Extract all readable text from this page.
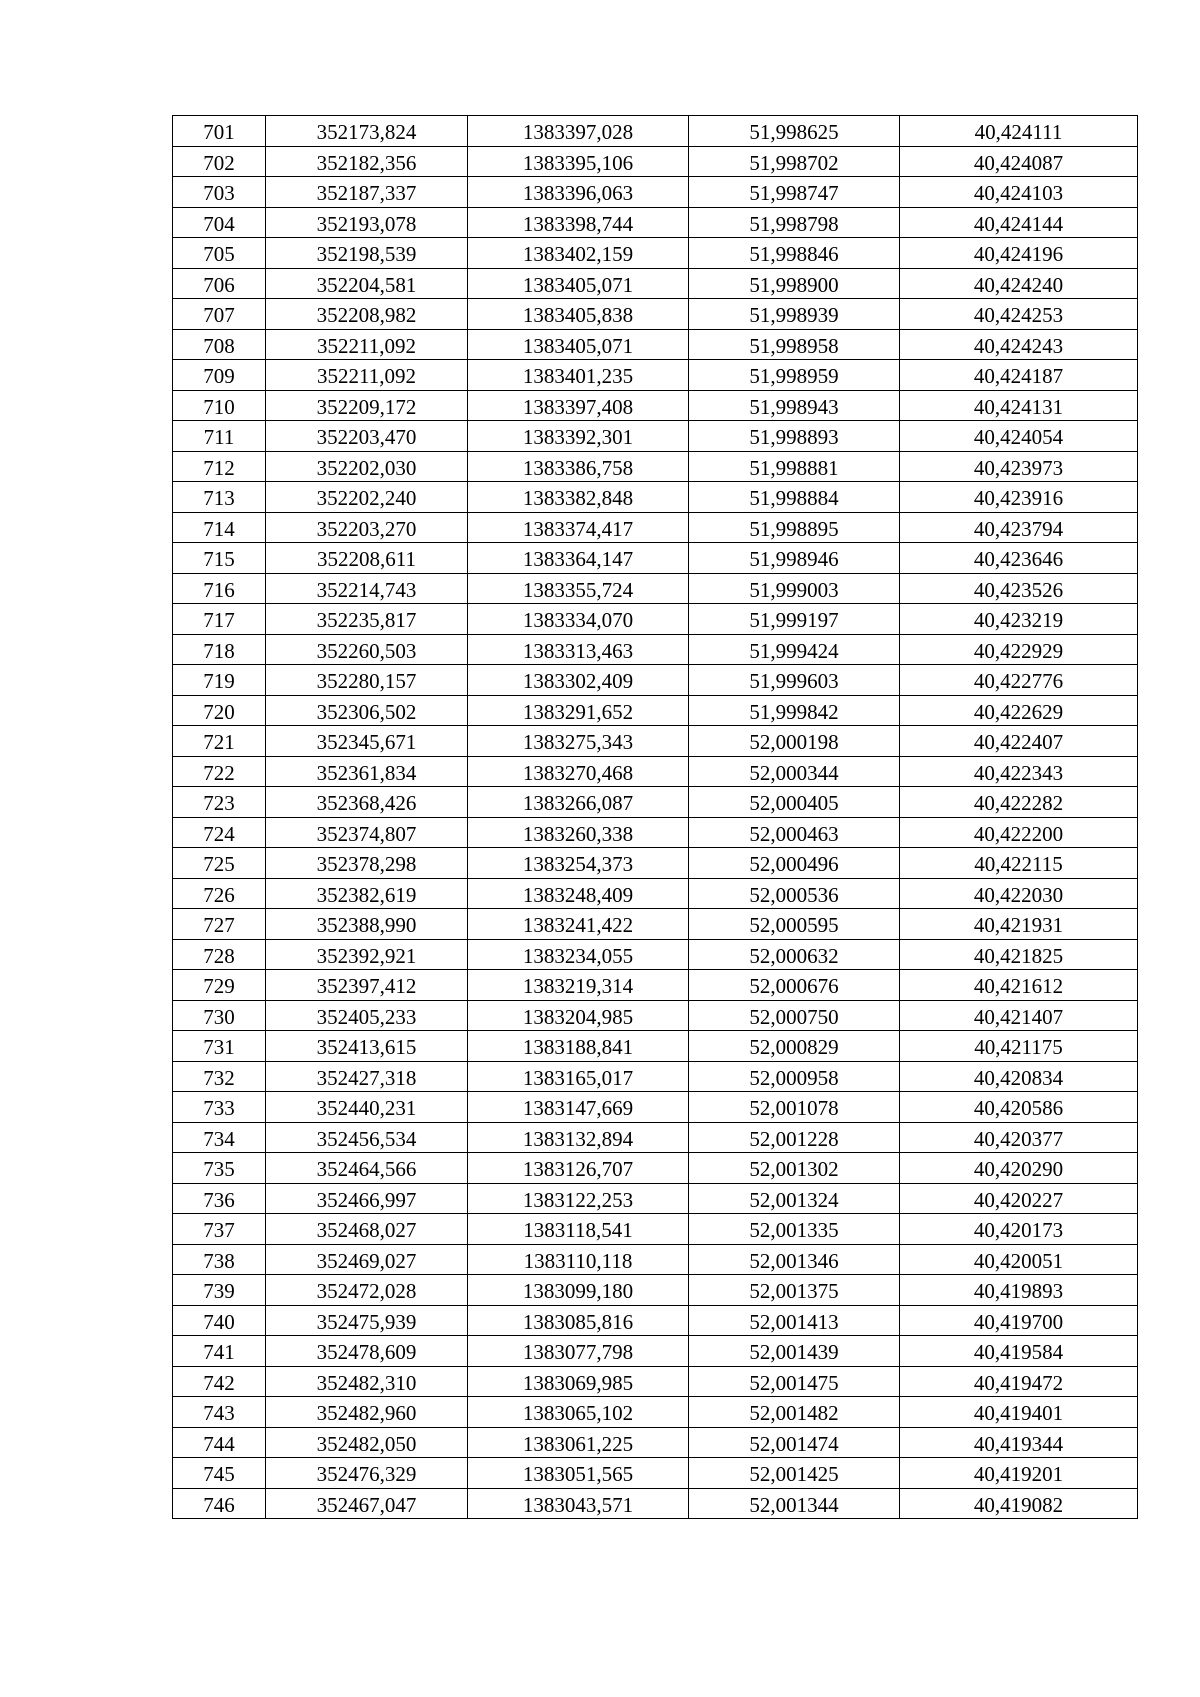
701	352173,824	1383397,028	51,998625	40,424111
702	352182,356	1383395,106	51,998702	40,424087
703	352187,337	1383396,063	51,998747	40,424103
704	352193,078	1383398,744	51,998798	40,424144
705	352198,539	1383402,159	51,998846	40,424196
706	352204,581	1383405,071	51,998900	40,424240
707	352208,982	1383405,838	51,998939	40,424253
708	352211,092	1383405,071	51,998958	40,424243
709	352211,092	1383401,235	51,998959	40,424187
710	352209,172	1383397,408	51,998943	40,424131
711	352203,470	1383392,301	51,998893	40,424054
712	352202,030	1383386,758	51,998881	40,423973
713	352202,240	1383382,848	51,998884	40,423916
714	352203,270	1383374,417	51,998895	40,423794
715	352208,611	1383364,147	51,998946	40,423646
716	352214,743	1383355,724	51,999003	40,423526
717	352235,817	1383334,070	51,999197	40,423219
718	352260,503	1383313,463	51,999424	40,422929
719	352280,157	1383302,409	51,999603	40,422776
720	352306,502	1383291,652	51,999842	40,422629
721	352345,671	1383275,343	52,000198	40,422407
722	352361,834	1383270,468	52,000344	40,422343
723	352368,426	1383266,087	52,000405	40,422282
724	352374,807	1383260,338	52,000463	40,422200
725	352378,298	1383254,373	52,000496	40,422115
726	352382,619	1383248,409	52,000536	40,422030
727	352388,990	1383241,422	52,000595	40,421931
728	352392,921	1383234,055	52,000632	40,421825
729	352397,412	1383219,314	52,000676	40,421612
730	352405,233	1383204,985	52,000750	40,421407
731	352413,615	1383188,841	52,000829	40,421175
732	352427,318	1383165,017	52,000958	40,420834
733	352440,231	1383147,669	52,001078	40,420586
734	352456,534	1383132,894	52,001228	40,420377
735	352464,566	1383126,707	52,001302	40,420290
736	352466,997	1383122,253	52,001324	40,420227
737	352468,027	1383118,541	52,001335	40,420173
738	352469,027	1383110,118	52,001346	40,420051
739	352472,028	1383099,180	52,001375	40,419893
740	352475,939	1383085,816	52,001413	40,419700
741	352478,609	1383077,798	52,001439	40,419584
742	352482,310	1383069,985	52,001475	40,419472
743	352482,960	1383065,102	52,001482	40,419401
744	352482,050	1383061,225	52,001474	40,419344
745	352476,329	1383051,565	52,001425	40,419201
746	352467,047	1383043,571	52,001344	40,419082
